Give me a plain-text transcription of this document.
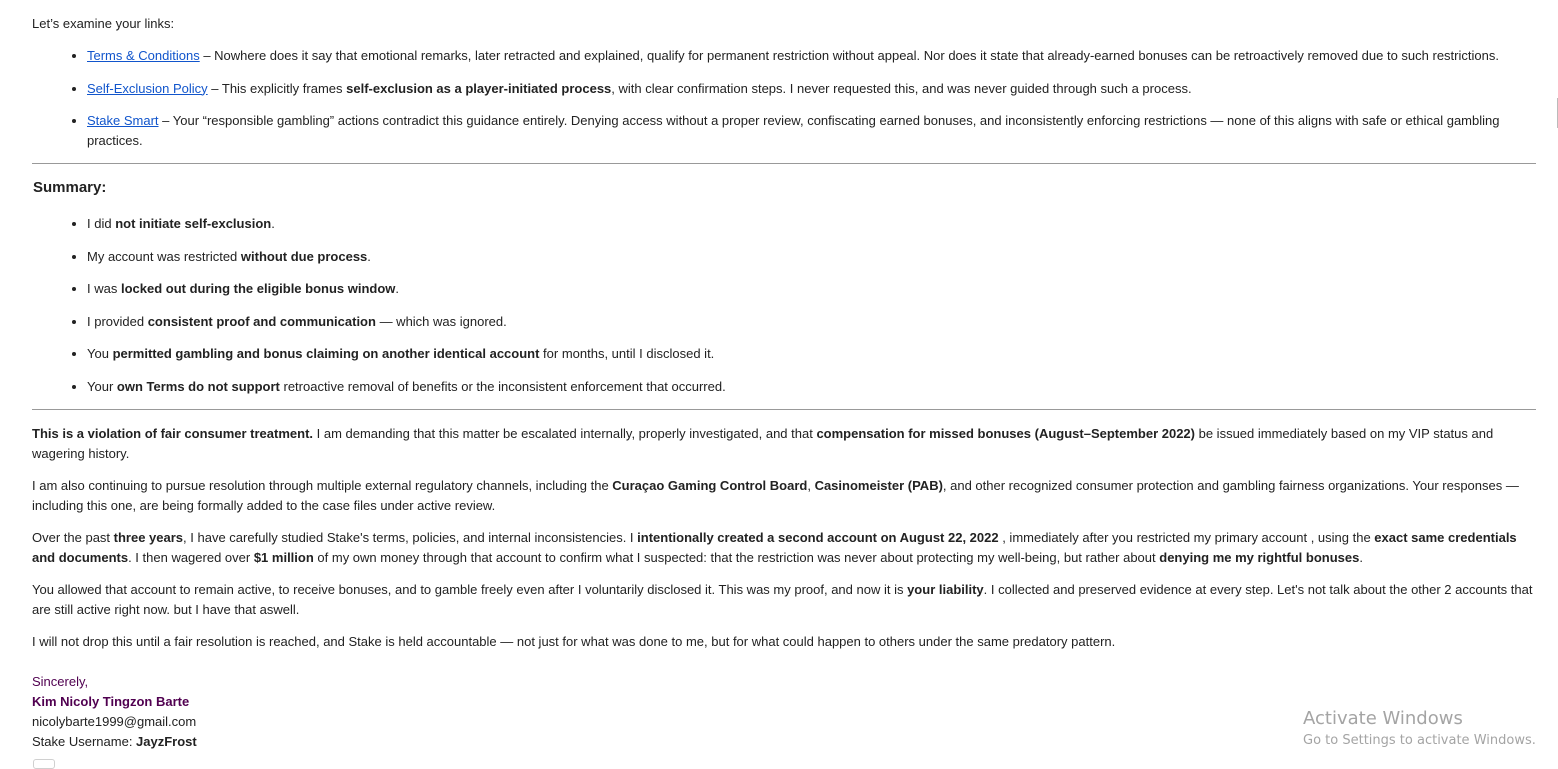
Let’s examine your links:

• Terms & Conditions – Nowhere does it say that emotional remarks, later retracted and explained, qualify for permanent restriction without appeal. Nor does it state that already-earned bonuses can be retroactively removed due to such restrictions.
• Self-Exclusion Policy – This explicitly frames self-exclusion as a player-initiated process, with clear confirmation steps. I never requested this, and was never guided through such a process.
• Stake Smart – Your “responsible gambling” actions contradict this guidance entirely. Denying access without a proper review, confiscating earned bonuses, and inconsistently enforcing restrictions — none of this aligns with safe or ethical gambling practices.
Summary:
• I did not initiate self-exclusion.
• My account was restricted without due process.
• I was locked out during the eligible bonus window.
• I provided consistent proof and communication — which was ignored.
• You permitted gambling and bonus claiming on another identical account for months, until I disclosed it.
• Your own Terms do not support retroactive removal of benefits or the inconsistent enforcement that occurred.

This is a violation of fair consumer treatment. I am demanding that this matter be escalated internally, properly investigated, and that compensation for missed bonuses (August–September 2022) be issued immediately based on my VIP status and wagering history.

I am also continuing to pursue resolution through multiple external regulatory channels, including the Curaçao Gaming Control Board, Casinomeister (PAB), and other recognized consumer protection and gambling fairness organizations. Your responses — including this one, are being formally added to the case files under active review.

Over the past three years, I have carefully studied Stake's terms, policies, and internal inconsistencies. I intentionally created a second account on August 22, 2022 , immediately after you restricted my primary account , using the exact same credentials and documents. I then wagered over $1 million of my own money through that account to confirm what I suspected: that the restriction was never about protecting my well-being, but rather about denying me my rightful bonuses.

You allowed that account to remain active, to receive bonuses, and to gamble freely even after I voluntarily disclosed it. This was my proof, and now it is your liability. I collected and preserved evidence at every step. Let's not talk about the other 2 accounts that are still active right now. but I have that aswell.

I will not drop this until a fair resolution is reached, and Stake is held accountable — not just for what was done to me, but for what could happen to others under the same predatory pattern.

Sincerely,
Kim Nicoly Tingzon Barte
nicolybarte1999@gmail.com
Stake Username: JayzFrost
Activate Windows
Go to Settings to activate Windows.
